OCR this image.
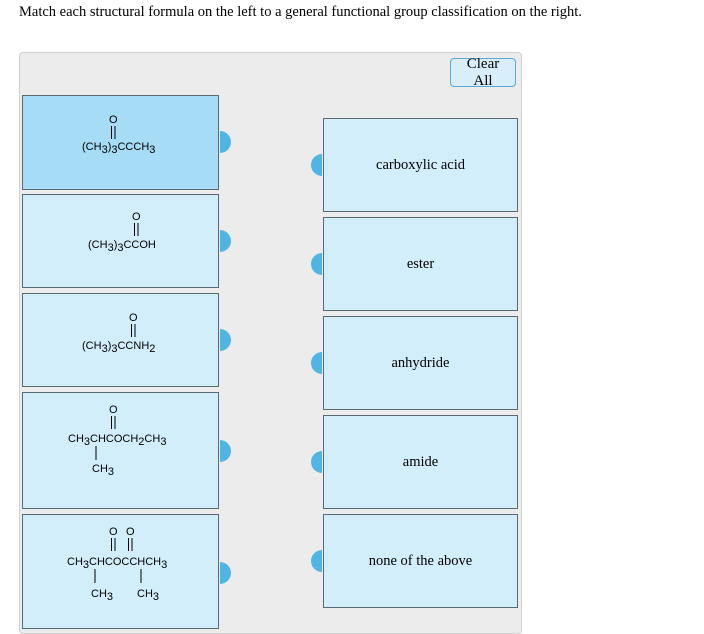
Match each structural formula on the left to a general functional group classification on the right.
Clear All
O
(CH3)3CCCH3
O
(CH3)3CCOH
O
(CH3)3CCNH2
O
CH3CHCOCH2CH3
CH3
O O
CH3CHCOCCHCH3
CH3 CH3
carboxylic acid
ester
anhydride
amide
none of the above
